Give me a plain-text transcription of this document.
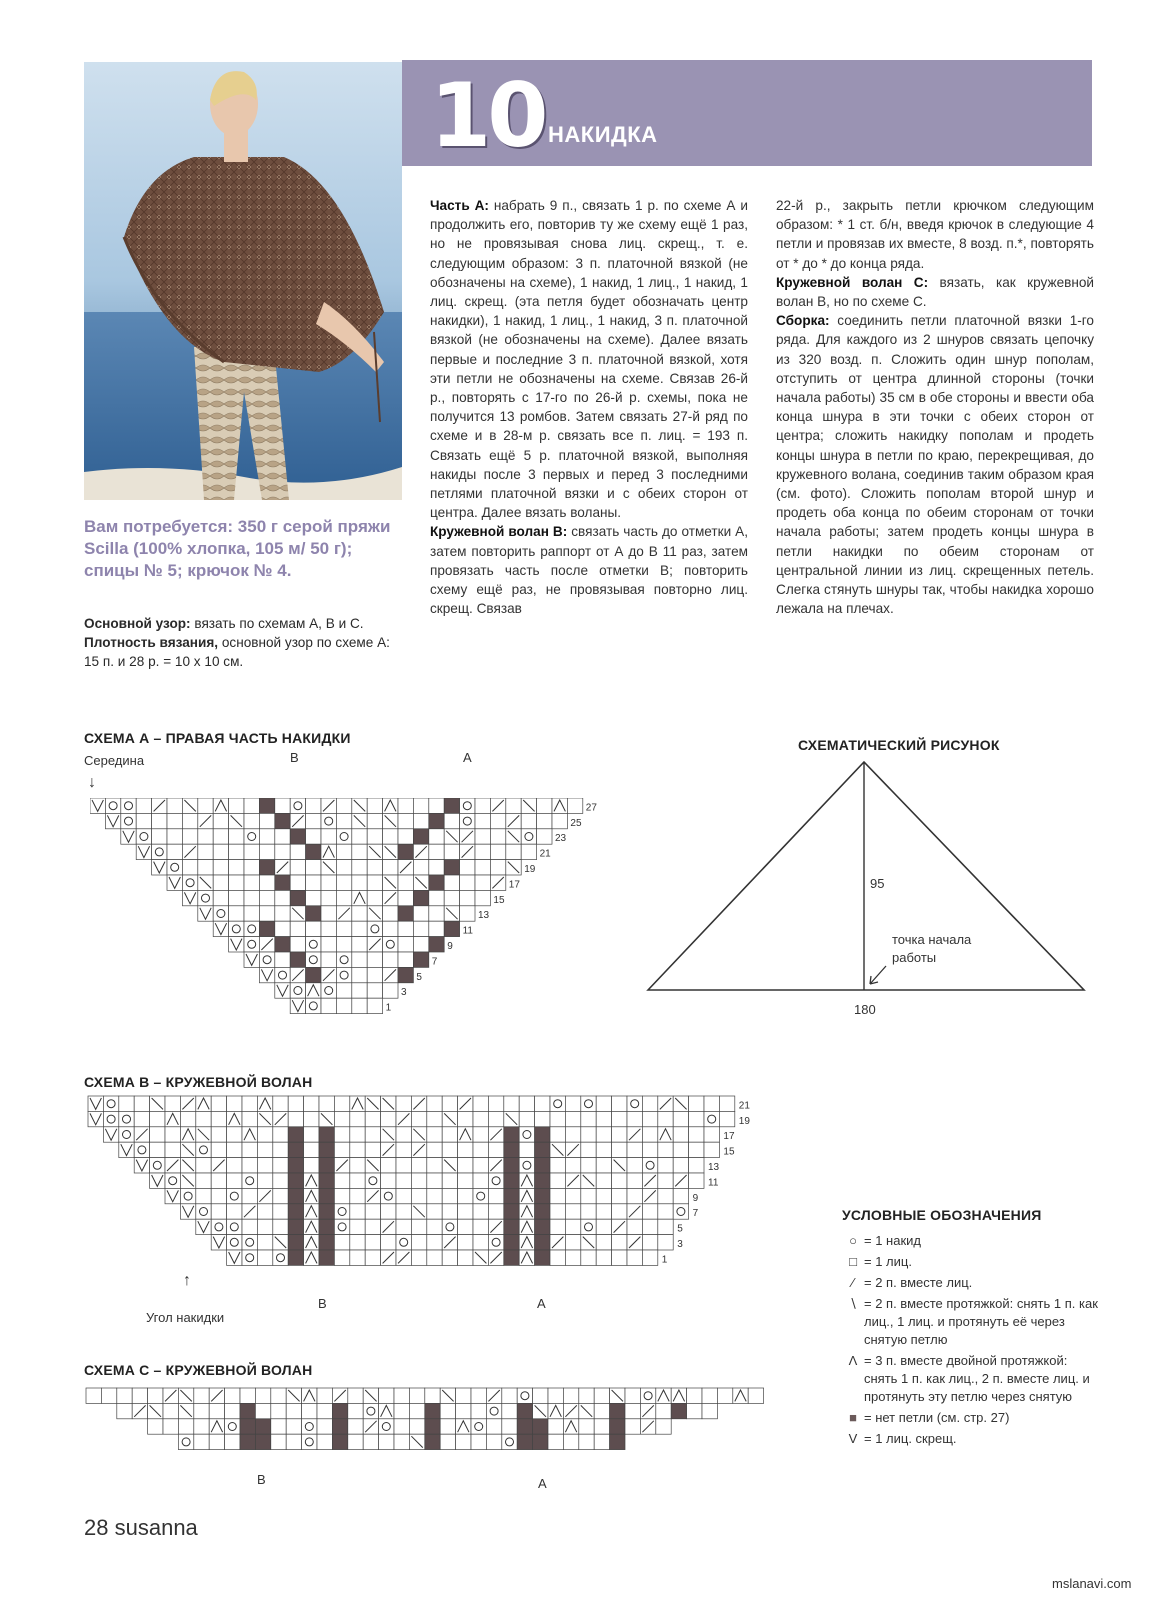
10 НАКИДКА

Часть А: набрать 9 п., связать 1 р. по схеме А и продолжить его, повторив ту же схему ещё 1 раз, но не провязывая снова лиц. скрещ., т. е. следующим образом: 3 п. платочной вязкой (не обозначены на схеме), 1 накид, 1 лиц., 1 накид, 1 лиц. скрещ. (эта петля будет обозначать центр накидки), 1 накид, 1 лиц., 1 накид, 3 п. платочной вязкой (не обозначены на схеме). Далее вязать первые и последние 3 п. платочной вязкой, хотя эти петли не обозначены на схеме. Связав 26-й р., повторять с 17-го по 26-й р. схемы, пока не получится 13 ромбов. Затем связать 27-й ряд по схеме и в 28-м р. связать все п. лиц. = 193 п. Связать ещё 5 р. платочной вязкой, выполняя накиды после 3 первых и перед 3 последними петлями платочной вязки и с обеих сторон от центра. Далее вязать воланы.

Кружевной волан В: связать часть до отметки А, затем повторить раппорт от А до В 11 раз, затем провязать часть после отметки В; повторить схему ещё раз, не провязывая повторно лиц. скрещ. Связав

22-й р., закрыть петли крючком следующим образом: * 1 ст. б/н, введя крючок в следующие 4 петли и провязав их вместе, 8 возд. п.*, повторять от * до * до конца ряда.

Кружевной волан С: вязать, как кружевной волан В, но по схеме С.

Сборка: соединить петли платочной вязки 1-го ряда. Для каждого из 2 шнуров связать цепочку из 320 возд. п. Сложить один шнур пополам, отступить от центра длинной стороны (точки начала работы) 35 см в обе стороны и ввести оба конца шнура в эти точки с обеих сторон от центра; сложить накидку пополам и продеть концы шнура в петли по краю, перекрещивая, до кружевного волана, соединив таким образом края (см. фото). Сложить пополам второй шнур и продеть оба конца по обеим сторонам от точки начала работы; затем продеть концы шнура в петли накидки по обеим сторонам от центральной линии из лиц. скрещенных петель. Слегка стянуть шнуры так, чтобы накидка хорошо лежала на плечах.

Вам потребуется: 350 г серой пряжи Scilla (100% хлопка, 105 м/ 50 г); спицы № 5; крючок № 4.
Основной узор: вязать по схемам А, В и С.
Плотность вязания, основной узор по схеме А: 15 п. и 28 р. = 10 х 10 см.
СХЕМА А – ПРАВАЯ ЧАСТЬ НАКИДКИ
Середина
↓
В	А
27
25
23
21
19
17
15
13
11
9
7
5
3
1
СХЕМА В – КРУЖЕВНОЙ ВОЛАН
21
19
17
15
13
11
9
7
5
3
1
↑
Угол накидки
В	А
СХЕМА С – КРУЖЕВНОЙ ВОЛАН
В	А
СХЕМАТИЧЕСКИЙ РИСУНОК
95
точка начала
работы
180
УСЛОВНЫЕ ОБОЗНАЧЕНИЯ
○ = 1 накид
□ = 1 лиц.
∕ = 2 п. вместе лиц.
∖ = 2 п. вместе протяжкой: снять 1 п. как лиц., 1 лиц. и протянуть её через снятую петлю
Λ = 3 п. вместе двойной протяжкой: снять 1 п. как лиц., 2 п. вместе лиц. и протянуть эту петлю через снятую
■ = нет петли (см. стр. 27)
V = 1 лиц. скрещ.
28 susanna
mslanavi.com
